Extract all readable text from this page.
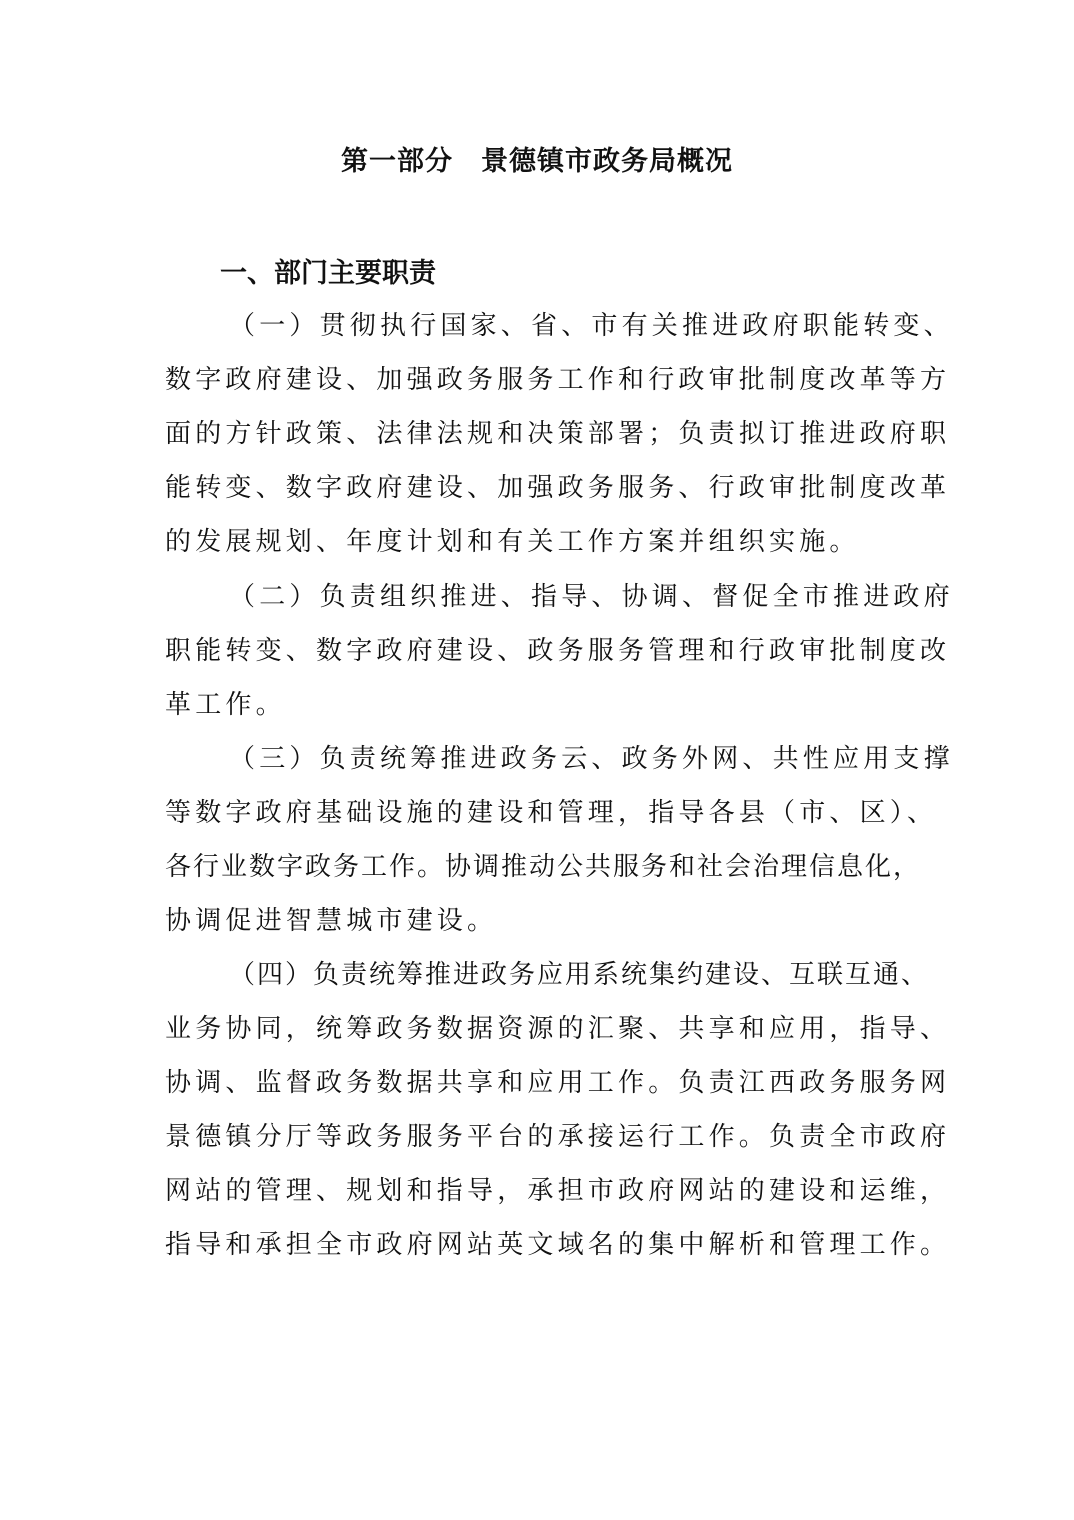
第一部分　景德镇市政务局概况
一、部门主要职责
（一）贯彻执行国家、省、市有关推进政府职能转变、
数字政府建设、加强政务服务工作和行政审批制度改革等方
面的方针政策、法律法规和决策部署；负责拟订推进政府职
能转变、数字政府建设、加强政务服务、行政审批制度改革
的发展规划、年度计划和有关工作方案并组织实施。
（二）负责组织推进、指导、协调、督促全市推进政府
职能转变、数字政府建设、政务服务管理和行政审批制度改
革工作。
（三）负责统筹推进政务云、政务外网、共性应用支撑
等数字政府基础设施的建设和管理，指导各县（市、区）、
各行业数字政务工作。协调推动公共服务和社会治理信息化，
协调促进智慧城市建设。
（四）负责统筹推进政务应用系统集约建设、互联互通、
业务协同，统筹政务数据资源的汇聚、共享和应用，指导、
协调、监督政务数据共享和应用工作。负责江西政务服务网
景德镇分厅等政务服务平台的承接运行工作。负责全市政府
网站的管理、规划和指导，承担市政府网站的建设和运维，
指导和承担全市政府网站英文域名的集中解析和管理工作。
